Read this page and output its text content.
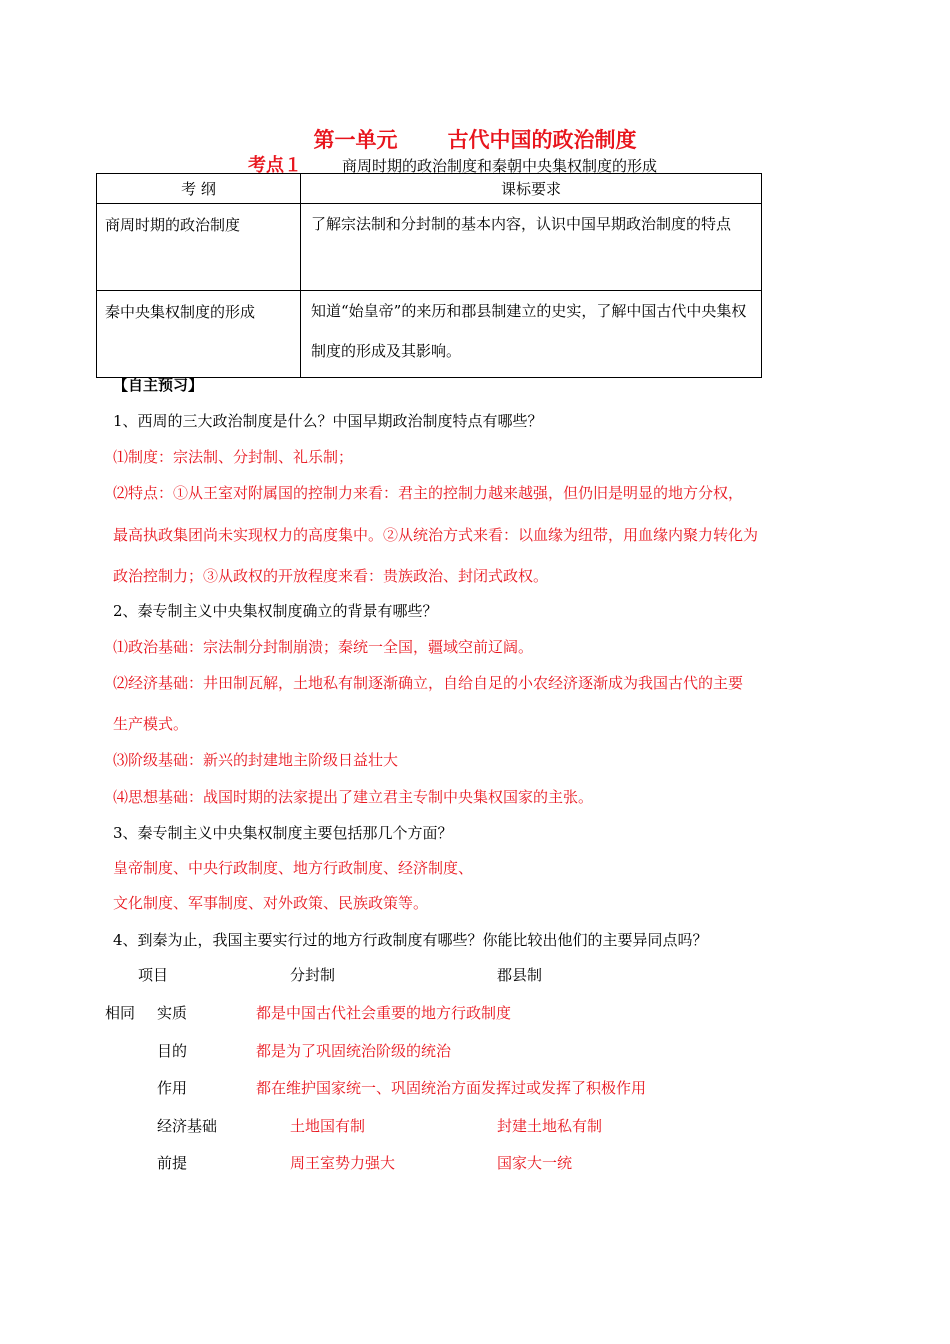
第一单元 古代中国的政治制度
考点１	商周时期的政治制度和秦朝中央集权制度的形成
考 纲	课标要求
商周时期的政治制度	了解宗法制和分封制的基本内容，认识中国早期政治制度的特点
秦中央集权制度的形成	知道“始皇帝”的来历和郡县制建立的史实，了解中国古代中央集权制度的形成及其影响。
【自主预习】
1、西周的三大政治制度是什么？中国早期政治制度特点有哪些？
⑴制度：宗法制、分封制、礼乐制；
⑵特点：①从王室对附属国的控制力来看：君主的控制力越来越强，但仍旧是明显的地方分权，
最高执政集团尚未实现权力的高度集中。②从统治方式来看：以血缘为纽带，用血缘内聚力转化为
政治控制力；③从政权的开放程度来看：贵族政治、封闭式政权。
2、秦专制主义中央集权制度确立的背景有哪些？
⑴政治基础：宗法制分封制崩溃；秦统一全国，疆域空前辽阔。
⑵经济基础：井田制瓦解，土地私有制逐渐确立，自给自足的小农经济逐渐成为我国古代的主要
生产模式。
⑶阶级基础：新兴的封建地主阶级日益壮大
⑷思想基础：战国时期的法家提出了建立君主专制中央集权国家的主张。
3、秦专制主义中央集权制度主要包括那几个方面？
皇帝制度、中央行政制度、地方行政制度、经济制度、
文化制度、军事制度、对外政策、民族政策等。
4、到秦为止，我国主要实行过的地方行政制度有哪些？你能比较出他们的主要异同点吗？
项目	分封制	郡县制
相同 实质	都是中国古代社会重要的地方行政制度
目的	都是为了巩固统治阶级的统治
作用	都在维护国家统一、巩固统治方面发挥过或发挥了积极作用
经济基础	土地国有制	封建土地私有制
前提	周王室势力强大	国家大一统
